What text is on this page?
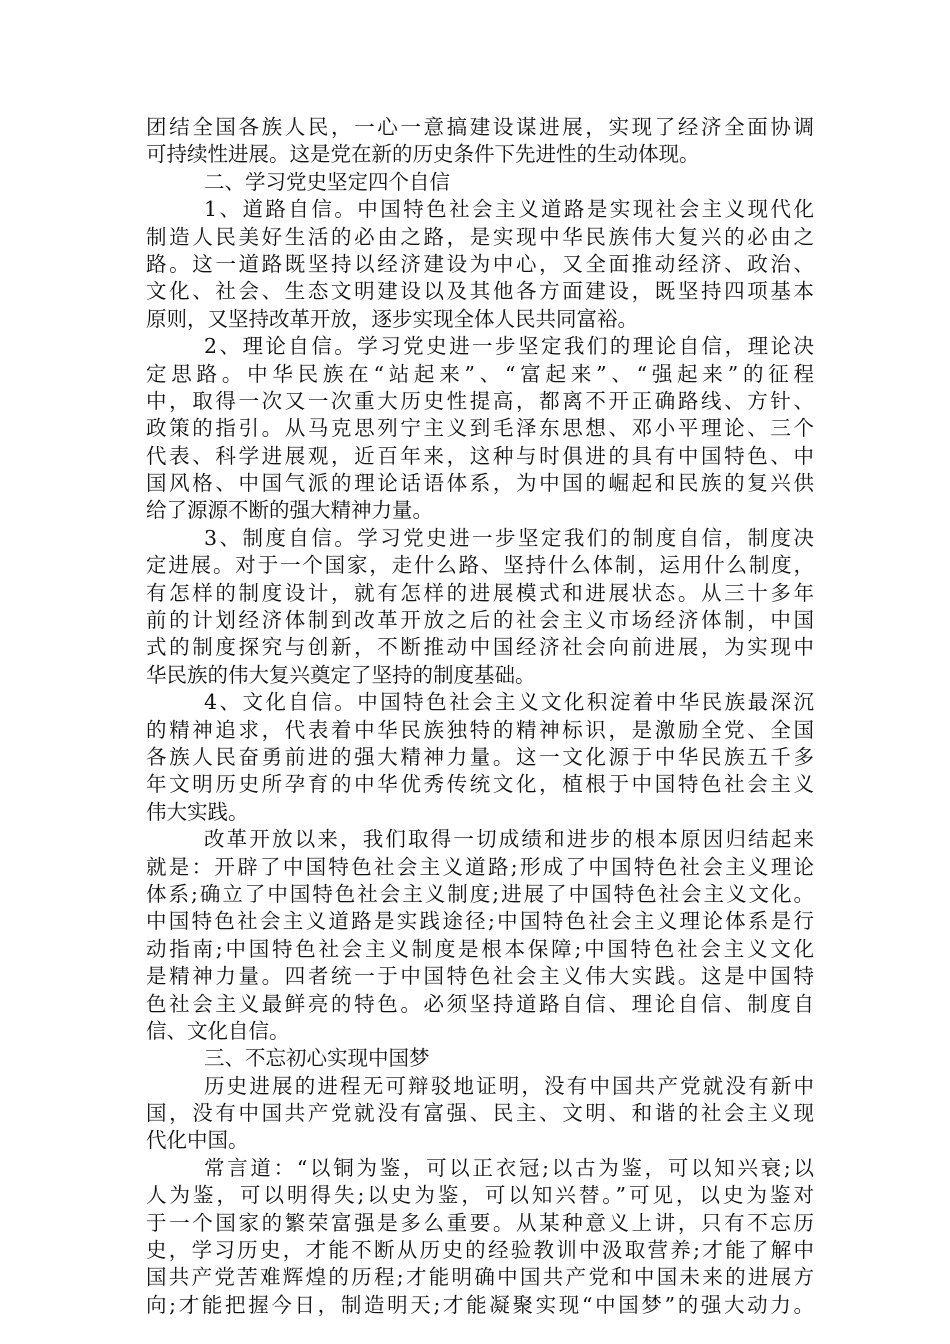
团结全国各族人民，一心一意搞建设谋进展，实现了经济全面协调
可持续性进展。这是党在新的历史条件下先进性的生动体现。
二、学习党史坚定四个自信
1、道路自信。中国特色社会主义道路是实现社会主义现代化
制造人民美好生活的必由之路，是实现中华民族伟大复兴的必由之
路。这一道路既坚持以经济建设为中心，又全面推动经济、政治、
文化、社会、生态文明建设以及其他各方面建设，既坚持四项基本
原则，又坚持改革开放，逐步实现全体人民共同富裕。
2、理论自信。学习党史进一步坚定我们的理论自信，理论决
定思路。中华民族在“站起来”、“富起来”、“强起来”的征程
中，取得一次又一次重大历史性提高，都离不开正确路线、方针、
政策的指引。从马克思列宁主义到毛泽东思想、邓小平理论、三个
代表、科学进展观，近百年来，这种与时俱进的具有中国特色、中
国风格、中国气派的理论话语体系，为中国的崛起和民族的复兴供
给了源源不断的强大精神力量。
3、制度自信。学习党史进一步坚定我们的制度自信，制度决
定进展。对于一个国家，走什么路、坚持什么体制，运用什么制度，
有怎样的制度设计，就有怎样的进展模式和进展状态。从三十多年
前的计划经济体制到改革开放之后的社会主义市场经济体制，中国
式的制度探究与创新，不断推动中国经济社会向前进展，为实现中
华民族的伟大复兴奠定了坚持的制度基础。
4、文化自信。中国特色社会主义文化积淀着中华民族最深沉
的精神追求，代表着中华民族独特的精神标识，是激励全党、全国
各族人民奋勇前进的强大精神力量。这一文化源于中华民族五千多
年文明历史所孕育的中华优秀传统文化，植根于中国特色社会主义
伟大实践。
改革开放以来，我们取得一切成绩和进步的根本原因归结起来
就是：开辟了中国特色社会主义道路;形成了中国特色社会主义理论
体系;确立了中国特色社会主义制度;进展了中国特色社会主义文化。
中国特色社会主义道路是实践途径;中国特色社会主义理论体系是行
动指南;中国特色社会主义制度是根本保障;中国特色社会主义文化
是精神力量。四者统一于中国特色社会主义伟大实践。这是中国特
色社会主义最鲜亮的特色。必须坚持道路自信、理论自信、制度自
信、文化自信。
三、不忘初心实现中国梦
历史进展的进程无可辩驳地证明，没有中国共产党就没有新中
国，没有中国共产党就没有富强、民主、文明、和谐的社会主义现
代化中国。
常言道：“以铜为鉴，可以正衣冠;以古为鉴，可以知兴衰;以
人为鉴，可以明得失;以史为鉴，可以知兴替。”可见，以史为鉴对
于一个国家的繁荣富强是多么重要。从某种意义上讲，只有不忘历
史，学习历史，才能不断从历史的经验教训中汲取营养;才能了解中
国共产党苦难辉煌的历程;才能明确中国共产党和中国未来的进展方
向;才能把握今日，制造明天;才能凝聚实现“中国梦”的强大动力。
